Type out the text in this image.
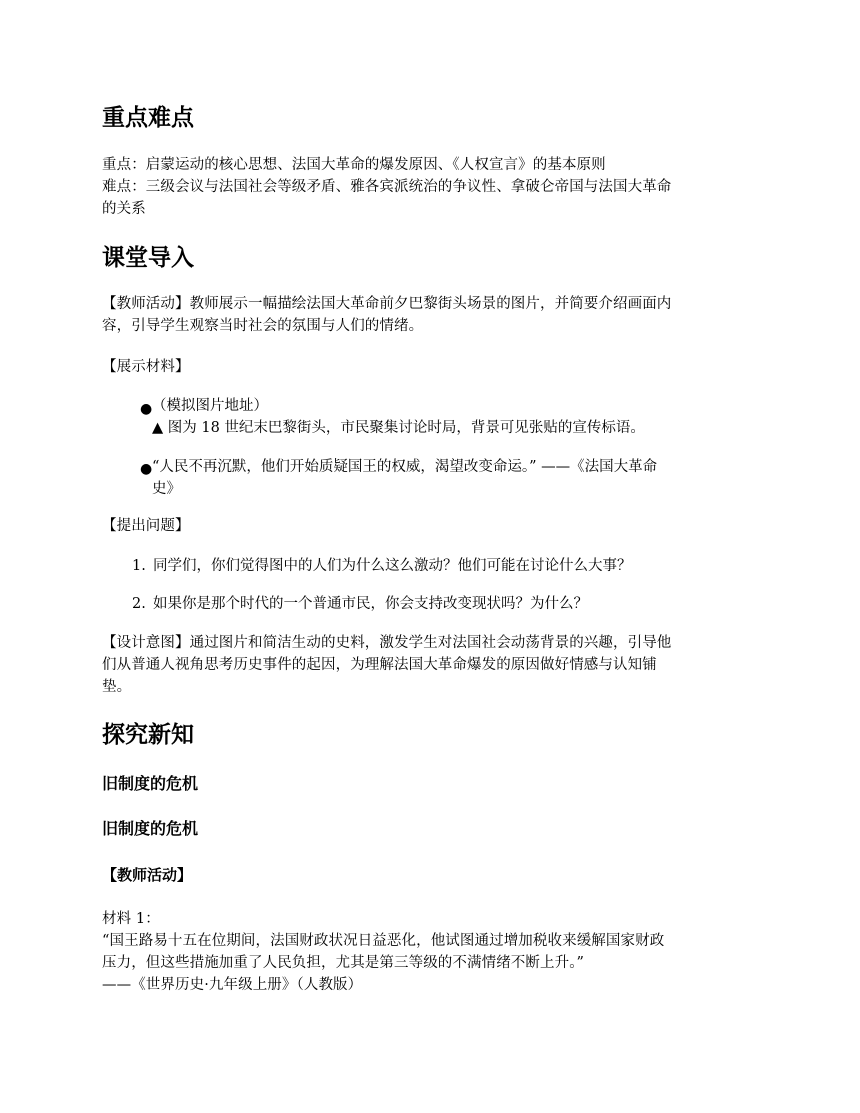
重点难点
重点：启蒙运动的核心思想、法国大革命的爆发原因、《人权宣言》的基本原则
难点：三级会议与法国社会等级矛盾、雅各宾派统治的争议性、拿破仑帝国与法国大革命
的关系
课堂导入
【教师活动】教师展示一幅描绘法国大革命前夕巴黎街头场景的图片，并简要介绍画面内
容，引导学生观察当时社会的氛围与人们的情绪。
【展示材料】
● （模拟图片地址）
▲ 图为 18 世纪末巴黎街头，市民聚集讨论时局，背景可见张贴的宣传标语。
● “人民不再沉默，他们开始质疑国王的权威，渴望改变命运。” ——《法国大革命
史》
【提出问题】
1. 同学们，你们觉得图中的人们为什么这么激动？他们可能在讨论什么大事？
2. 如果你是那个时代的一个普通市民，你会支持改变现状吗？为什么？
【设计意图】通过图片和简洁生动的史料，激发学生对法国社会动荡背景的兴趣，引导他
们从普通人视角思考历史事件的起因，为理解法国大革命爆发的原因做好情感与认知铺
垫。
探究新知
旧制度的危机
旧制度的危机
【教师活动】
材料 1：
“国王路易十五在位期间，法国财政状况日益恶化，他试图通过增加税收来缓解国家财政
压力，但这些措施加重了人民负担，尤其是第三等级的不满情绪不断上升。”
——《世界历史·九年级上册》（人教版）
